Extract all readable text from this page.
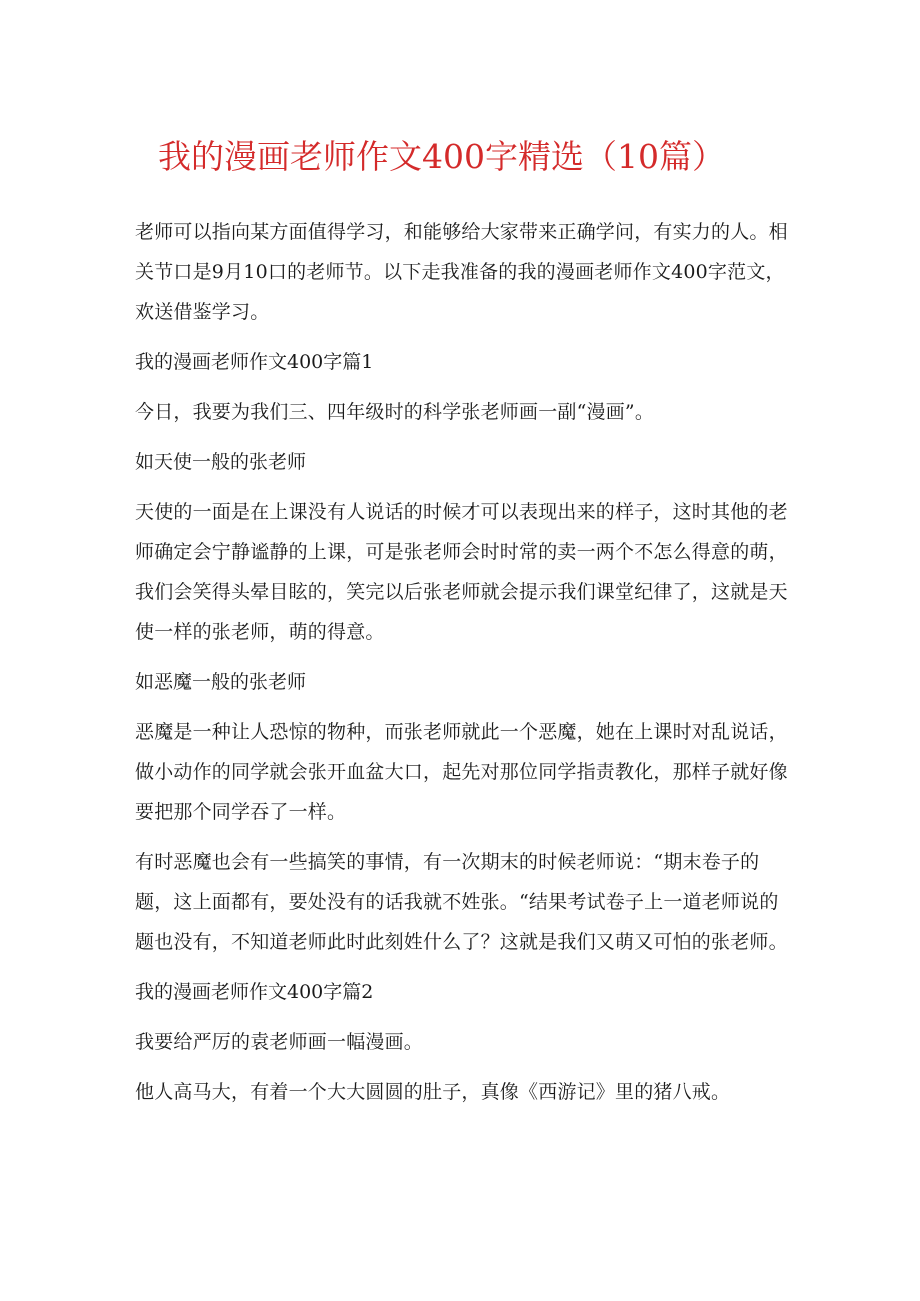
我的漫画老师作文400字精选（10篇）

老师可以指向某方面值得学习，和能够给大家带来正确学问，有实力的人。相关节口是9月10口的老师节。以下走我准备的我的漫画老师作文400字范文，欢送借鉴学习。

我的漫画老师作文400字篇1

今日，我要为我们三、四年级时的科学张老师画一副“漫画”。

如天使一般的张老师

天使的一面是在上课没有人说话的时候才可以表现出来的样子，这时其他的老师确定会宁静谧静的上课，可是张老师会时时常的卖一两个不怎么得意的萌，我们会笑得头晕目眩的，笑完以后张老师就会提示我们课堂纪律了，这就是天使一样的张老师，萌的得意。

如恶魔一般的张老师

恶魔是一种让人恐惊的物种，而张老师就此一个恶魔，她在上课时对乱说话，做小动作的同学就会张开血盆大口，起先对那位同学指责教化，那样子就好像要把那个同学吞了一样。

有时恶魔也会有一些搞笑的事情，有一次期末的时候老师说：“期末卷子的题，这上面都有，要处没有的话我就不姓张。“结果考试卷子上一道老师说的题也没有，不知道老师此时此刻姓什么了？这就是我们又萌又可怕的张老师。

我的漫画老师作文400字篇2

我要给严厉的袁老师画一幅漫画。

他人高马大，有着一个大大圆圆的肚子，真像《西游记》里的猪八戒。
